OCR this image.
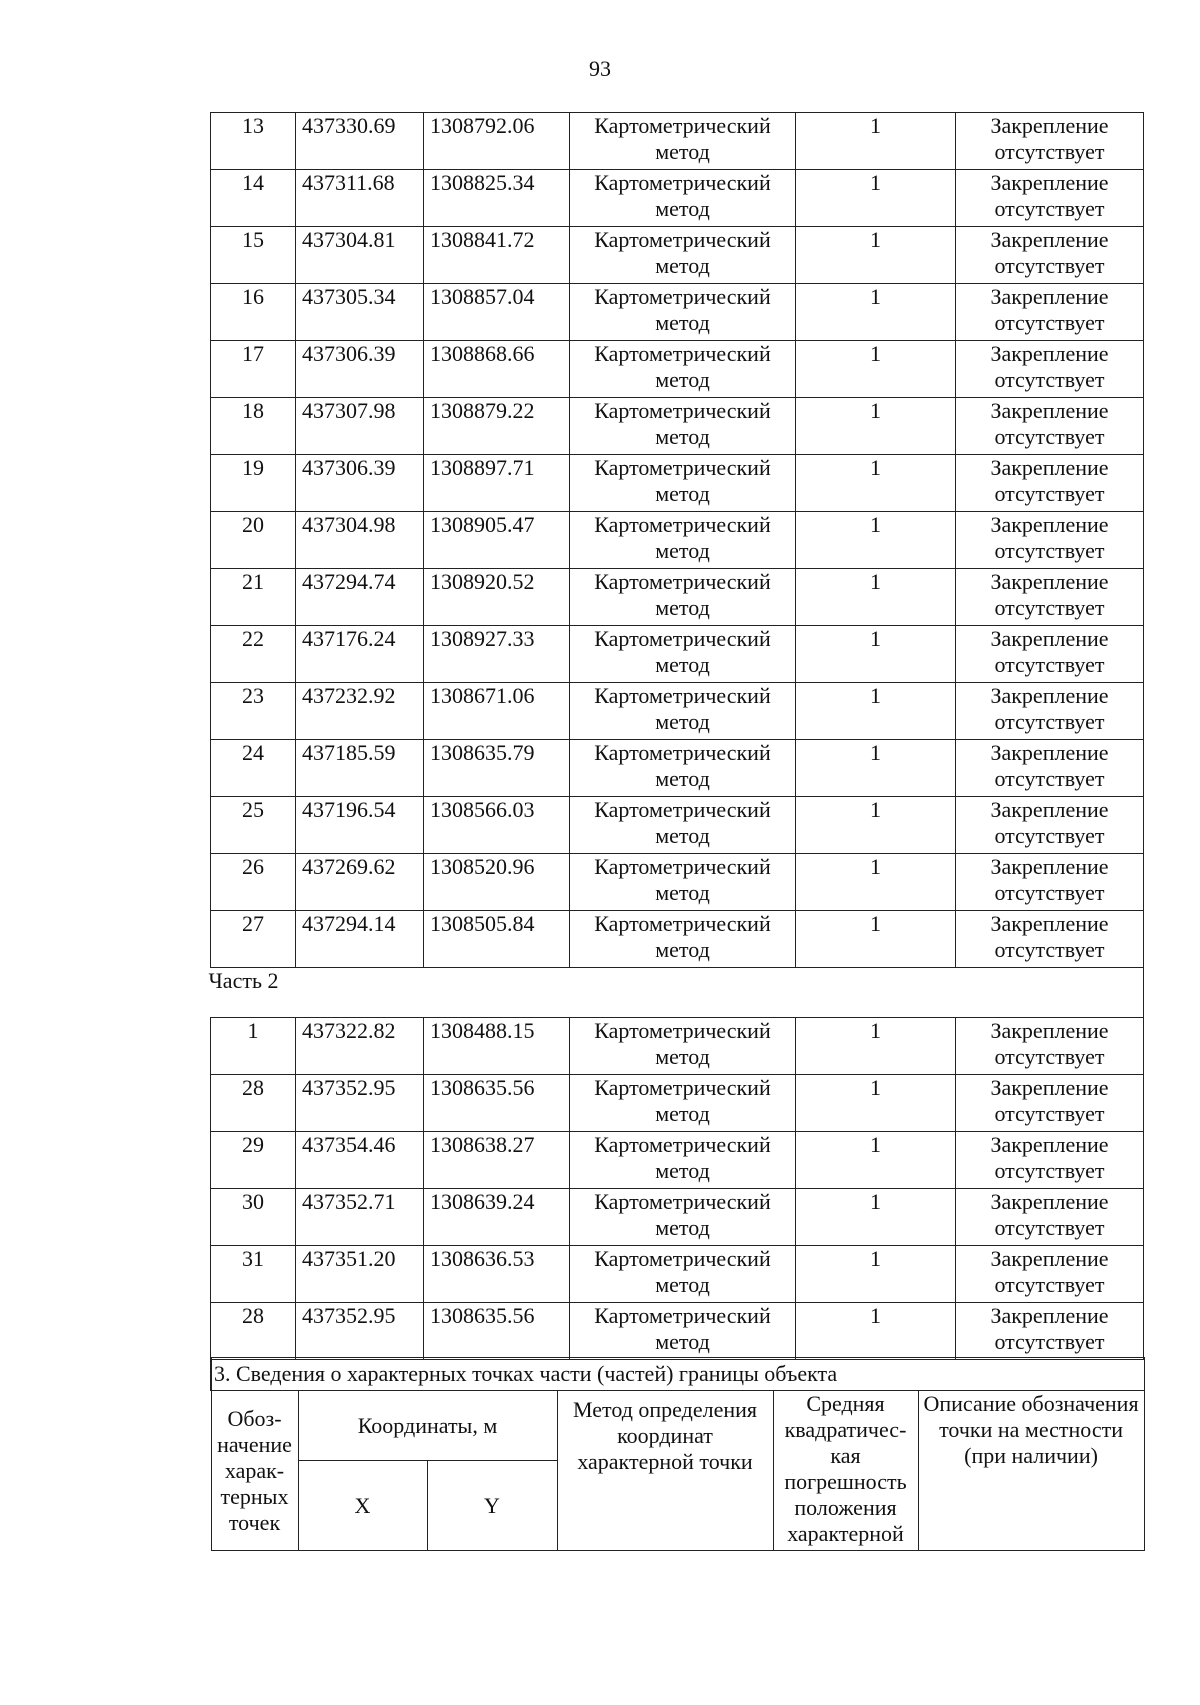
93
13	437330.69	1308792.06	Картометрический метод	1	Закрепление отсутствует
14	437311.68	1308825.34	Картометрический метод	1	Закрепление отсутствует
15	437304.81	1308841.72	Картометрический метод	1	Закрепление отсутствует
16	437305.34	1308857.04	Картометрический метод	1	Закрепление отсутствует
17	437306.39	1308868.66	Картометрический метод	1	Закрепление отсутствует
18	437307.98	1308879.22	Картометрический метод	1	Закрепление отсутствует
19	437306.39	1308897.71	Картометрический метод	1	Закрепление отсутствует
20	437304.98	1308905.47	Картометрический метод	1	Закрепление отсутствует
21	437294.74	1308920.52	Картометрический метод	1	Закрепление отсутствует
22	437176.24	1308927.33	Картометрический метод	1	Закрепление отсутствует
23	437232.92	1308671.06	Картометрический метод	1	Закрепление отсутствует
24	437185.59	1308635.79	Картометрический метод	1	Закрепление отсутствует
25	437196.54	1308566.03	Картометрический метод	1	Закрепление отсутствует
26	437269.62	1308520.96	Картометрический метод	1	Закрепление отсутствует
27	437294.14	1308505.84	Картометрический метод	1	Закрепление отсутствует
Часть 2					
1	437322.82	1308488.15	Картометрический метод	1	Закрепление отсутствует
28	437352.95	1308635.56	Картометрический метод	1	Закрепление отсутствует
29	437354.46	1308638.27	Картометрический метод	1	Закрепление отсутствует
30	437352.71	1308639.24	Картометрический метод	1	Закрепление отсутствует
31	437351.20	1308636.53	Картометрический метод	1	Закрепление отсутствует
28	437352.95	1308635.56	Картометрический метод	1	Закрепление отсутствует
3. Сведения о характерных точках части (частей) границы объекта					
Обоз-начение харак-терных точек	Координаты, м		Метод определения координат характерной точки	Средняя квадратичес-кая погрешность положения характерной	Описание обозначения точки на местности (при наличии)
	X	Y			
